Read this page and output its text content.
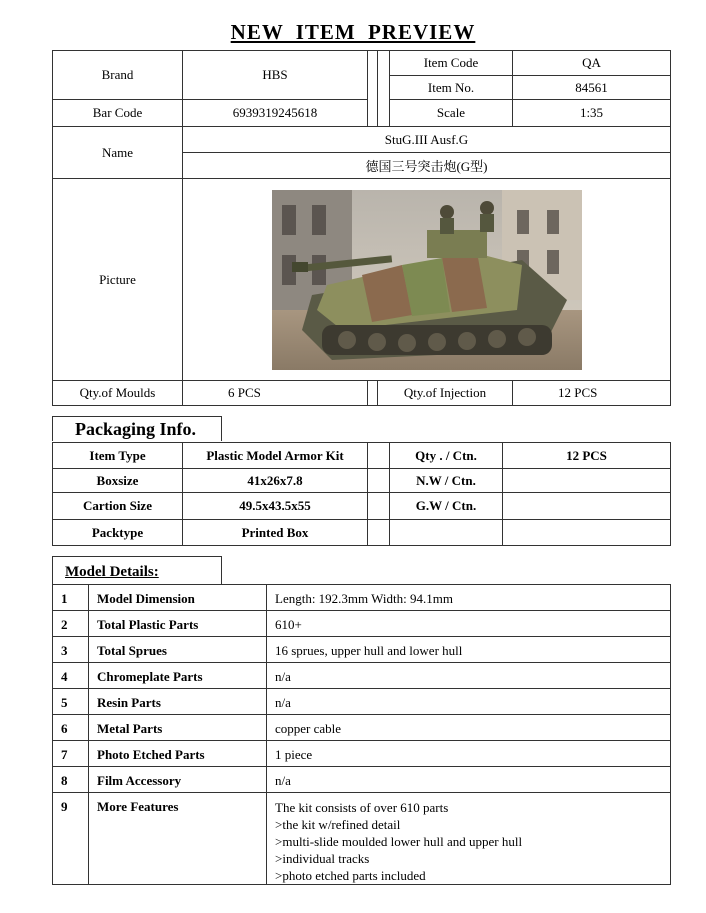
NEW ITEM PREVIEW
Brand	HBS			Item Code	QA
				Item No.	84561
Bar Code	6939319245618			Scale	1:35
Name	StuG.III Ausf.G				
	德国三号突击炮(G型)				
Picture	

Qty.of Moulds	6 PCS		Qty.of Injection		12 PCS
Packaging Info.
Item Type	Plastic Model Armor Kit		Qty . / Ctn.	12 PCS
Boxsize	41x26x7.8		N.W / Ctn.	
Cartion Size	49.5x43.5x55		G.W / Ctn.	
Packtype	Printed Box			
Model Details:
1	Model Dimension	Length: 192.3mm Width: 94.1mm
2	Total Plastic Parts	610+
3	Total Sprues	16 sprues, upper hull and lower hull
4	Chromeplate Parts	n/a
5	Resin Parts	n/a
6	Metal Parts	copper cable
7	Photo Etched Parts	1 piece
8	Film Accessory	n/a
9	More Features	The kit consists of over 610 parts
>the kit w/refined detail
>multi-slide moulded lower hull and upper hull
>individual tracks
>photo etched parts included
